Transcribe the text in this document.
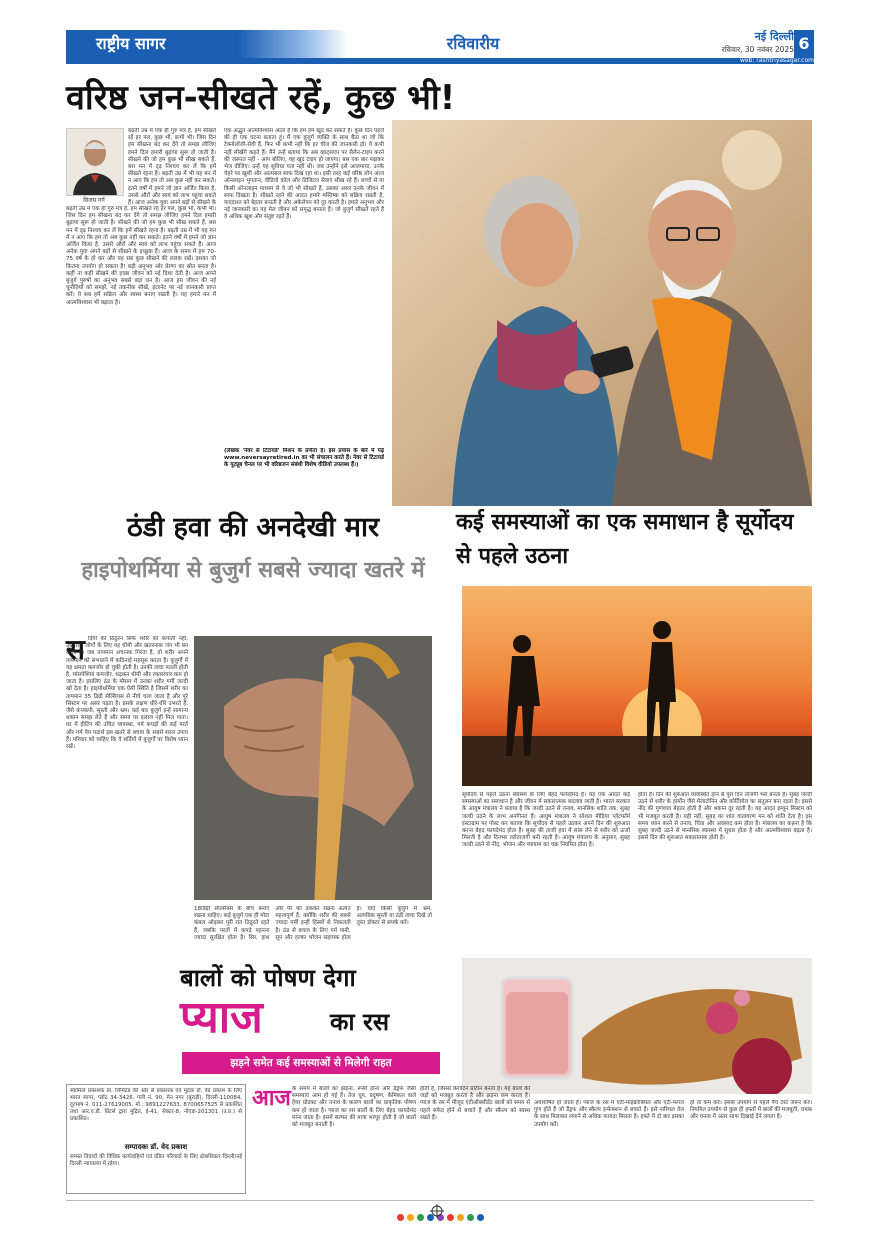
राष्ट्रीय सागर	रविवारीय	नई दिल्ली
रविवार, 30 नवंबर 2025 6
web: rashtriyasagar.com
वरिष्ठ जन-सीखते रहें, कुछ भी!
विजय गर्ग
बढ़ती उम्र में एक ही गुरु मंत्र है, हम सीखते रहें हर पल, कुछ भी, कभी भी। जिस दिन हम सीखना बंद कर देंगे तो समझ लीजिए हमने दिल हमारी बुढ़ापा सुरू हो जाती है। सीखने की जो हम कुछ भी सीख सकते हैं, बस मन में दृढ़ निश्चय कर लें कि हमें सीखते रहना है। बढ़ती उम्र में भी यह मन में न आए कि हम तो अब कुछ नहीं कर सकते। इतने वर्षों में हमने जो ज्ञान अर्जित किया है, उससे औरों और स्वयं को लाभ पहुंचा सकते हैं। आज अनेक युवा अपने बड़ों से सीखने के इच्छुक हैं। आज के समय में हम 70-75 वर्ष के हो कर और यह सब कुछ सीखने की ललक रखें। इसका जो कितना उपयोग हो सकता है! बड़ी अनुभव ओर प्रेरणा का स्रोत बनता है। कहीं ना कहीं सीखने की इच्छा जीवन को नई दिशा देती है। आज अपने बुजुर्ग पुरुषों का अनुभव सबसे बड़ा धन है। आज हम जीवन की नई चुनौतियों को समझें, नई तकनीक सीखें, इंटरनेट पर नई जानकारी प्राप्त करें। ये सब हमें सक्रिय और स्वस्थ बनाए रखती है। यह हमारे मन में आत्मविश्वास भी बढ़ाता है।
बढ़ती उम्र में एक ही गुरु मंत्र है, हम सीखते रहें हर पल, कुछ भी, कभी भी। जिस दिन हम सीखना बंद कर देंगे तो समझ लीजिए हमने दिल हमारी बुढ़ापा सुरू हो जाती है। सीखने की जो हम कुछ भी सीख सकते हैं, बस मन में दृढ़ निश्चय कर लें कि हमें सीखते रहना है। बढ़ती उम्र में भी यह मन में न आए कि हम तो अब कुछ नहीं कर सकते। इतने वर्षों में हमने जो ज्ञान अर्जित किया है, उससे औरों और स्वयं को लाभ पहुंचा सकते हैं। आज अनेक युवा अपने बड़ों से सीखने के
एक अद्भुत आत्मविश्वास आता है कि हम हम खुद कर सकते हैं। कुछ दिन पहले की ही एक घटना बताता हूं। मैं एक बुजुर्ग व्यक्ति के साथ बैठा था जो कि टेक्नोलॉजी-सेवी हैं, फिर भी कभी नहीं कि हर चीज की जानकारी हो। ये कभी नहीं सीखेंगे कहते हैं। मैंने उन्हें बताया कि अब व्हाट्सएप पर सैलेन-टाइप करने की जरूरत नहीं - आप बोलिए, वह खुद टाइप हो जाएगा। बस एक बार पढ़ाकर भेज दीजिए। उन्हें यह सुविधा पता नहीं थी। जब उन्होंने इसे आजमाया, उनके चेहरे पर खुशी और आत्मबल साफ दिख रहा था। इसी तरह कई वरिष्ठ लोग आज ऑनलाइन भुगतान, वीडियो कॉल और डिजिटल सेवाएं सीख रहे हैं। बच्चों से या किसी ऑनलाइन माध्यम से वे जो भी सीखते हैं, उसका असर उनके जीवन में साफ दिखता है। सीखते रहने की आदत हमारे मस्तिष्क को सक्रिय रखती है, याददाश्त को बेहतर बनाती है और अकेलेपन को दूर करती है। हमारे अनुभव और नई जानकारी का यह मेल जीवन को समृद्ध बनाता है। जो बुजुर्ग सीखते रहते हैं वे अधिक खुश और संतुष्ट रहते हैं।
(लेखक 'नेवर से टिटायर्ड' मिशन के प्रणेता हैं। इस प्रयास के बारे में पढ़ें www.neversayretired.in का भी संचालन करते हैं। नेवर से टिटायर्ड के यूट्यूब चैनल पर भी वरिष्ठजन संबंधी विशेष वीडियो उपलब्ध हैं।)
ठंडी हवा की अनदेखी मार
हाइपोथर्मिया से बुजुर्ग सबसे ज्यादा खतरे में
स र्दियों की ठिठुरन सिर्फ शरीर को कंपाती नहीं, उम्रदराज लोगों के लिए यह धीमी और खतरनाक जंग भी बन जाती है। जब तापमान अचानक गिरता है, तो शरीर अपने तापमान को संभालने में कठिनाई महसूस करता है। बुजुर्गों में यह क्षमता कमजोर हो चुकी होती है। उनकी त्वचा पतली होती है, मांसपेशियां कमजोर, धड़कन धीमी और रक्तसंचार कम हो जाता है। इसलिए ठंड के मौसम में उनका शरीर गर्मी जल्दी खो देता है। हाइपोथर्मिया एक ऐसी स्थिति है जिसमें शरीर का तापमान 35 डिग्री सेल्सियस से नीचे चला जाता है और पूरे सिस्टम पर असर पड़ता है। इसके लक्षण धीरे-धीरे उभरते हैं, जैसे कंपकंपी, सुस्ती और भ्रम। कई बार बुजुर्ग इन्हें सामान्य थकान समझ लेते हैं और समय पर इलाज नहीं मिल पाता। घर में हीटिंग की उचित व्यवस्था, गर्म कपड़ों की कई परतें और गर्म पेय पदार्थ इस खतरे से बचाव के सबसे सरल उपाय हैं। परिवार को चाहिए कि वे सर्दियों में बुजुर्गों पर विशेष ध्यान रखें।
18डिग्री सेल्सियस के बीच बनाए रखना चाहिए। कई बुजुर्ग एक ही मोटा कंबल ओढ़कर पूरी रात ठिठुरते रहते हैं, जबकि परतों में कपड़े पहनना ज्यादा सुरक्षित होता है। सिर, हाथ और पैर को ढककर रखना अत्यंत महत्वपूर्ण है, क्योंकि शरीर की सबसे ज्यादा गर्मी इन्हीं हिस्सों से निकलती है। ठंड से बचाव के लिए गर्म पानी, सूप और हल्का भोजन सहायक होता है। यदि किसी बुजुर्ग में भ्रम, अत्यधिक सुस्ती या ठंडी त्वचा दिखे तो तुरंत डॉक्टर से संपर्क करें।
कई समस्याओं का एक समाधान है सूर्योदय से पहले उठना
सूर्योदय से पहले उठना स्वास्थ्य के लिए बेहद फायदेमंद है। यह एक आदत कई समस्याओं का समाधान है और जीवन में सकारात्मक बदलाव लाती है। भारत सरकार के आयुष मंत्रालय ने बताया है कि जल्दी उठने से तनाव, मानसिक शांति तक, सुबह जल्दी उठने के लाभ अनगिनत हैं। आयुष मंत्रालय ने सोशल मीडिया प्लेटफॉर्म इंस्टाग्राम पर पोस्ट कर बताया कि सूर्योदय से पहले उठकर अपने दिन की शुरुआत करना बेहद फायदेमंद होता है। सुबह की ताजी हवा में सांस लेने से शरीर को ऊर्जा मिलती है और दिनभर तरोताजगी बनी रहती है। आयुष मंत्रालय के अनुसार, सुबह जल्दी उठने से नींद, भोजन और व्यायाम का चक्र नियमित होता है।
होता है। दिन की शुरुआत व्यवस्थित होने से पूरा दिन ताजगी भरा बनता है। सुबह जल्दी उठने से शरीर के हार्मोन जैसे मेलाटोनिन और कोर्टिसोल का संतुलन बना रहता है। इससे नींद की गुणवत्ता बेहतर होती है और थकान दूर रहती है। यह आदत इम्यून सिस्टम को भी मजबूत करती है। यही नहीं, सुबह का शांत वातावरण मन को शांति देता है। इस समय ध्यान करने से तनाव, चिंता और अवसाद कम होता है। मंत्रालय का कहना है कि सुबह जल्दी उठने से मानसिक स्वास्थ्य में सुधार होता है और आत्मविश्वास बढ़ता है। इससे दिन की शुरुआत सकारात्मक होती है।
बालों को पोषण देगा
प्याज	का रस
झड़ने समेत कई समस्याओं से मिलेगी राहत
आज के समय में बालों का झड़ना, रूसी होना और डैंड्रफ जैसी समस्याएं आम हो गई हैं। तेज धूप, प्रदूषण, केमिकल वाले हेयर प्रोडक्ट और तनाव के कारण बालों का प्राकृतिक पोषण कम हो जाता है। प्याज का रस बालों के लिए बेहद फायदेमंद माना जाता है। इसमें सल्फर की मात्रा भरपूर होती है जो बालों को मजबूत बनाती है।
होती है, जिससे केराटिन प्रोटीन बनता है। यह बालों की जड़ों को मजबूत करता है और झड़ना कम करता है। प्याज के रस में मौजूद एंटीऑक्सीडेंट बालों को समय से पहले सफेद होने से बचाते हैं और स्कैल्प को स्वस्थ रखते हैं।
अवशोषित हो जाता है। प्याज के रस में एंटी-माइक्रोबियल और एंटी-फंगल गुण होते हैं जो डैंड्रफ और स्कैल्प इन्फेक्शन से बचाते हैं। इसे नारियल तेल के साथ मिलाकर लगाने से अधिक फायदा मिलता है। हफ्ते में दो बार इसका उपयोग करें।
हो तो कम करें। इसके उपयोग से पहले पैच टेस्ट जरूर करें। नियमित उपयोग से कुछ ही हफ्तों में बालों की मजबूती, चमक और घनत्व में अंतर साफ दिखाई देने लगता है।
स्वामित्व प्रकाशक प्रा. लिमिटेड की ओर से प्रकाशक एवं मुद्रक डॉ. वेद प्रकाश के लिए भारत सागर, प्लॉट 34-3426, गली नं. 90, मेन नगर (बुराड़ी), दिल्ली-110084, दूरभाष नं. 011-27619005, मो.: 9891227633, 8700657525 से प्रकाशित तथा आर.ए.डी. प्रिंटर्स द्वारा मुद्रित, ई-41, सेक्टर-8, नोएडा-201301 (उ.प्र.) से प्रकाशित।
सम्पादकः डॉ. वेद प्रकाश
समस्त विवादों की विधिक कार्यवाहियाँ एवं दंडित परिवादों के लिए क्षेत्राधिकार दिल्ली/नई दिल्ली न्यायालय में रहेगा।
